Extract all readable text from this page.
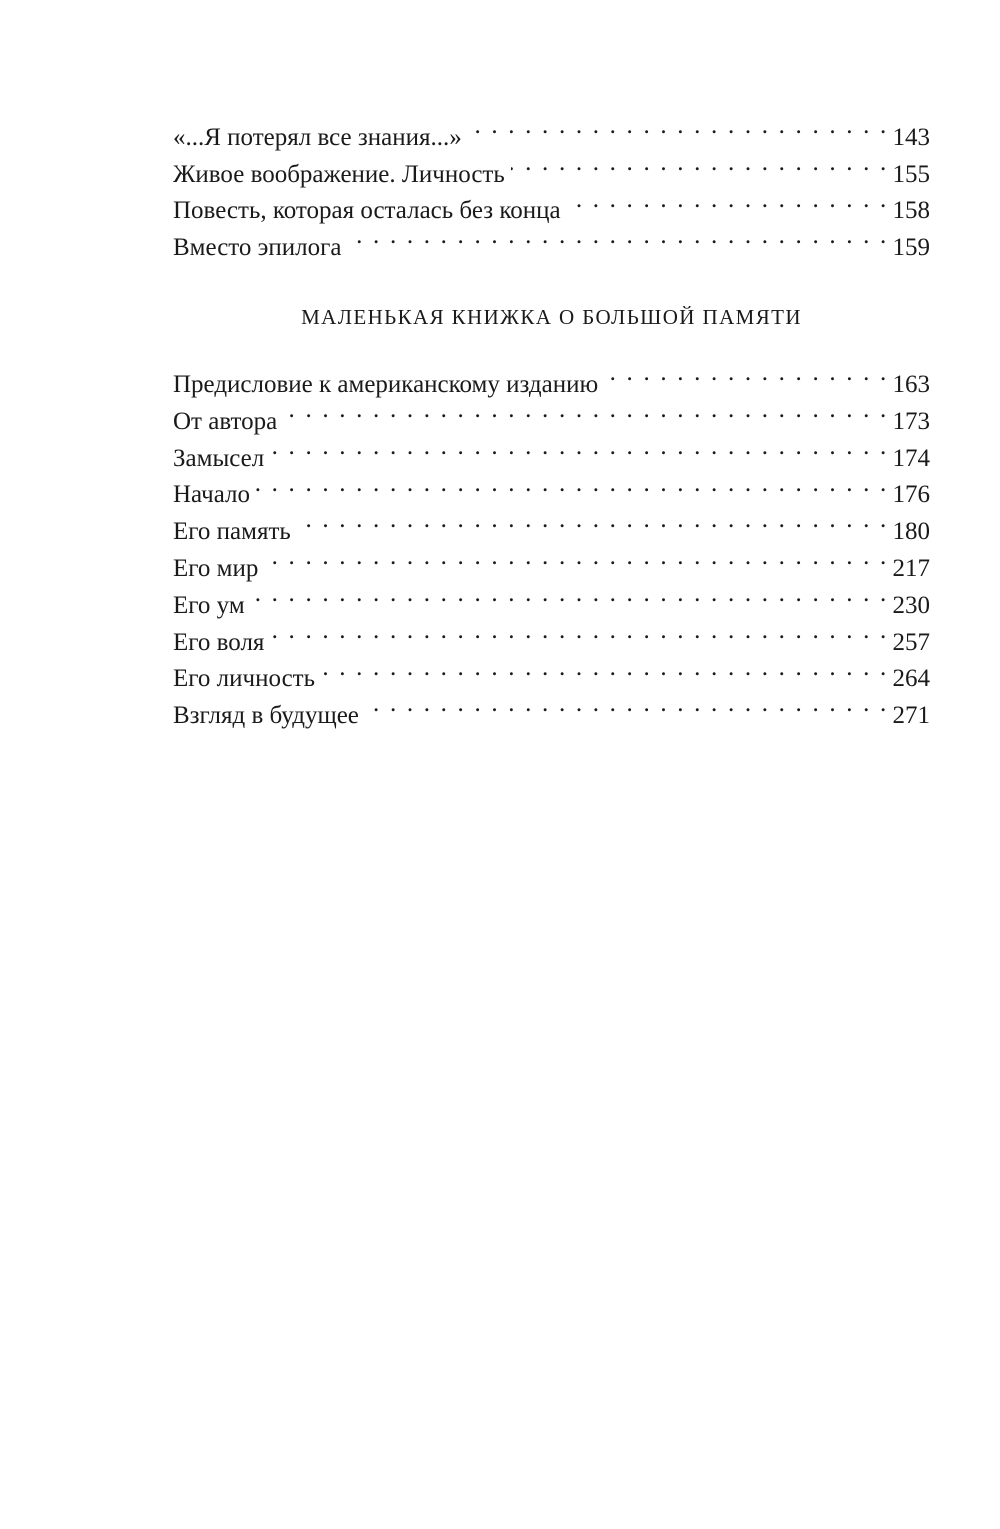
«...Я потерял все знания...» . . .	143
Живое воображение. Личность . . .	155
Повесть, которая осталась без конца . . .	158
Вместо эпилога . . .	159
МАЛЕНЬКАЯ КНИЖКА О БОЛЬШОЙ ПАМЯТИ
Предисловие к американскому изданию . . .	163
От автора . . .	173
Замысел . . .	174
Начало . . .	176
Его память . . .	180
Его мир . . .	217
Его ум . . .	230
Его воля . . .	257
Его личность . . .	264
Взгляд в будущее . . .	271
